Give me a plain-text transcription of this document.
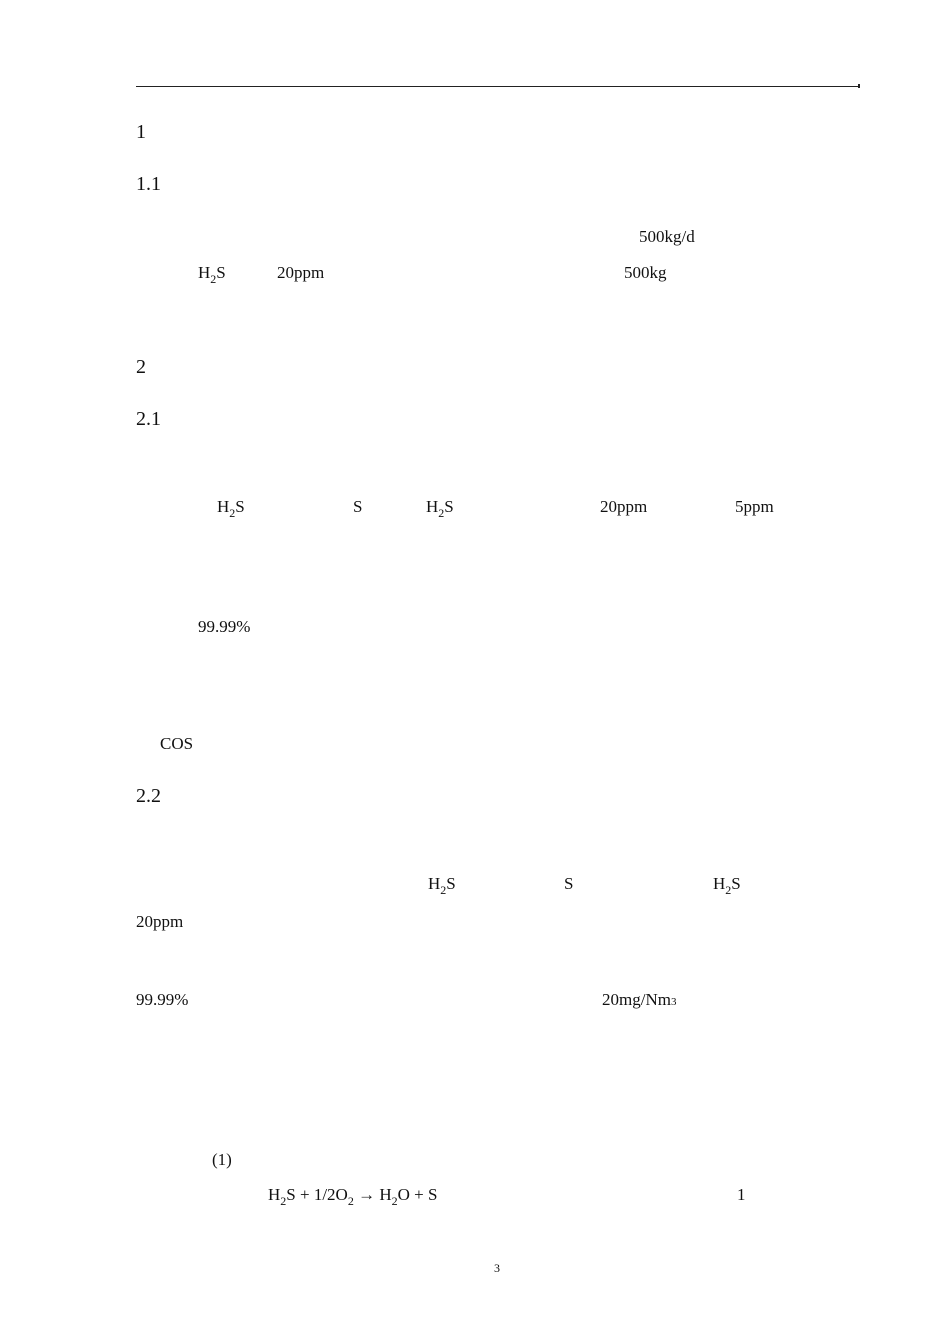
1
1.1
500kg/d
$H_2S$	20ppm	500kg
2
2.1
$H_2S$	S	$H_2S$	20ppm	5ppm
99.99%
COS
2.2
$H_2S$	S	$H_2S$
20ppm
99.99%	20mg/Nm3
(1)
$H_2S + 1/2O_2 \to H_2O + S$	1
3
